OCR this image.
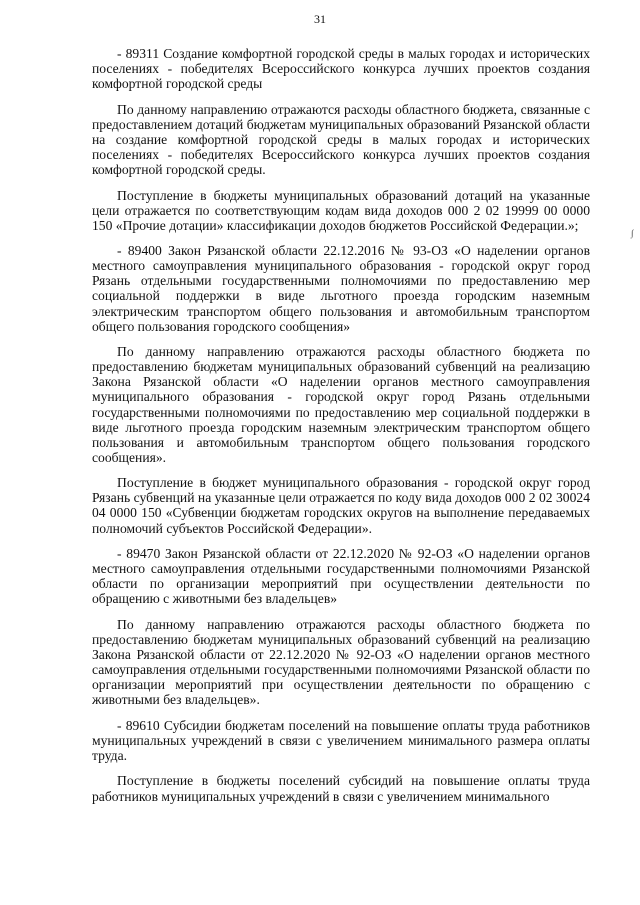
31

- 89311 Создание комфортной городской среды в малых городах и исторических поселениях - победителях Всероссийского конкурса лучших проектов создания комфортной городской среды

По данному направлению отражаются расходы областного бюджета, связанные с предоставлением дотаций бюджетам муниципальных образований Рязанской области на создание комфортной городской среды в малых городах и исторических поселениях - победителях Всероссийского конкурса лучших проектов создания комфортной городской среды.

Поступление в бюджеты муниципальных образований дотаций на указанные цели отражается по соответствующим кодам вида доходов 000 2 02 19999 00 0000 150 «Прочие дотации» классификации доходов бюджетов Российской Федерации.»;

- 89400 Закон Рязанской области 22.12.2016 № 93-ОЗ «О наделении органов местного самоуправления муниципального образования - городской округ город Рязань отдельными государственными полномочиями по предоставлению мер социальной поддержки в виде льготного проезда городским наземным электрическим транспортом общего пользования и автомобильным транспортом общего пользования городского сообщения»

По данному направлению отражаются расходы областного бюджета по предоставлению бюджетам муниципальных образований субвенций на реализацию Закона Рязанской области «О наделении органов местного самоуправления муниципального образования - городской округ город Рязань отдельными государственными полномочиями по предоставлению мер социальной поддержки в виде льготного проезда городским наземным электрическим транспортом общего пользования и автомобильным транспортом общего пользования городского сообщения».

Поступление в бюджет муниципального образования - городской округ город Рязань субвенций на указанные цели отражается по коду вида доходов 000 2 02 30024 04 0000 150 «Субвенции бюджетам городских округов на выполнение передаваемых полномочий субъектов Российской Федерации».

- 89470 Закон Рязанской области от 22.12.2020 № 92-ОЗ «О наделении органов местного самоуправления отдельными государственными полномочиями Рязанской области по организации мероприятий при осуществлении деятельности по обращению с животными без владельцев»

По данному направлению отражаются расходы областного бюджета по предоставлению бюджетам муниципальных образований субвенций на реализацию Закона Рязанской области от 22.12.2020 № 92-ОЗ «О наделении органов местного самоуправления отдельными государственными полномочиями Рязанской области по организации мероприятий при осуществлении деятельности по обращению с животными без владельцев».

- 89610 Субсидии бюджетам поселений на повышение оплаты труда работников муниципальных учреждений в связи с увеличением минимального размера оплаты труда.

Поступление в бюджеты поселений субсидий на повышение оплаты труда работников муниципальных учреждений в связи с увеличением минимального

∫
